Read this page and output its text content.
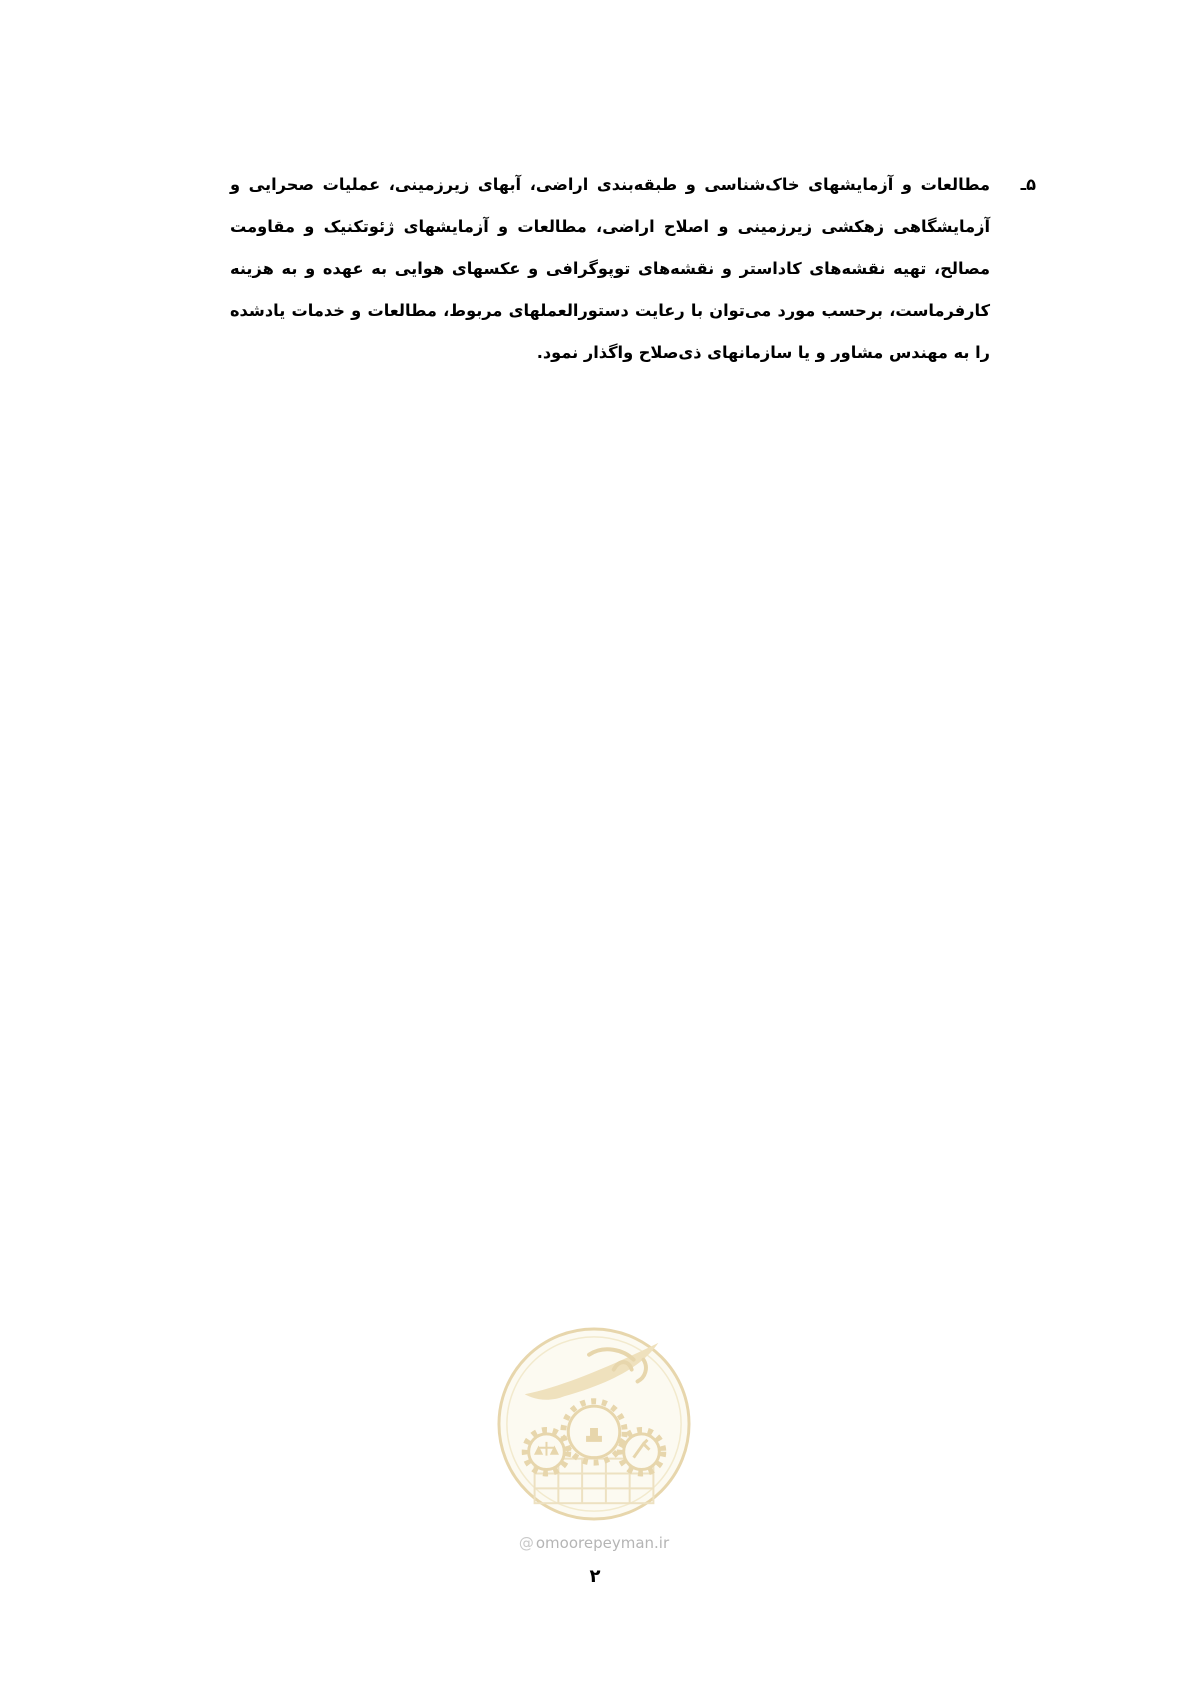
۵ـ
مطالعات و آزمایشهای خاک‌شناسی و طبقه‌بندی اراضی، آبهای زیرزمینی، عملیات صحرایی و آزمایشگاهی زهکشی زیرزمینی و اصلاح اراضی، مطالعات و آزمایشهای ژئوتکنیک و مقاومت مصالح، تهیه نقشه‌های کاداستر و نقشه‌های توپوگرافی و عکسهای هوایی به عهده و به هزینه کارفرماست، برحسب مورد می‌توان با رعایت دستورالعملهای مربوط، مطالعات و خدمات یادشده را به مهندس مشاور و یا سازمانهای ذی‌صلاح واگذار نمود.
@ omoorepeyman.ir
۲
